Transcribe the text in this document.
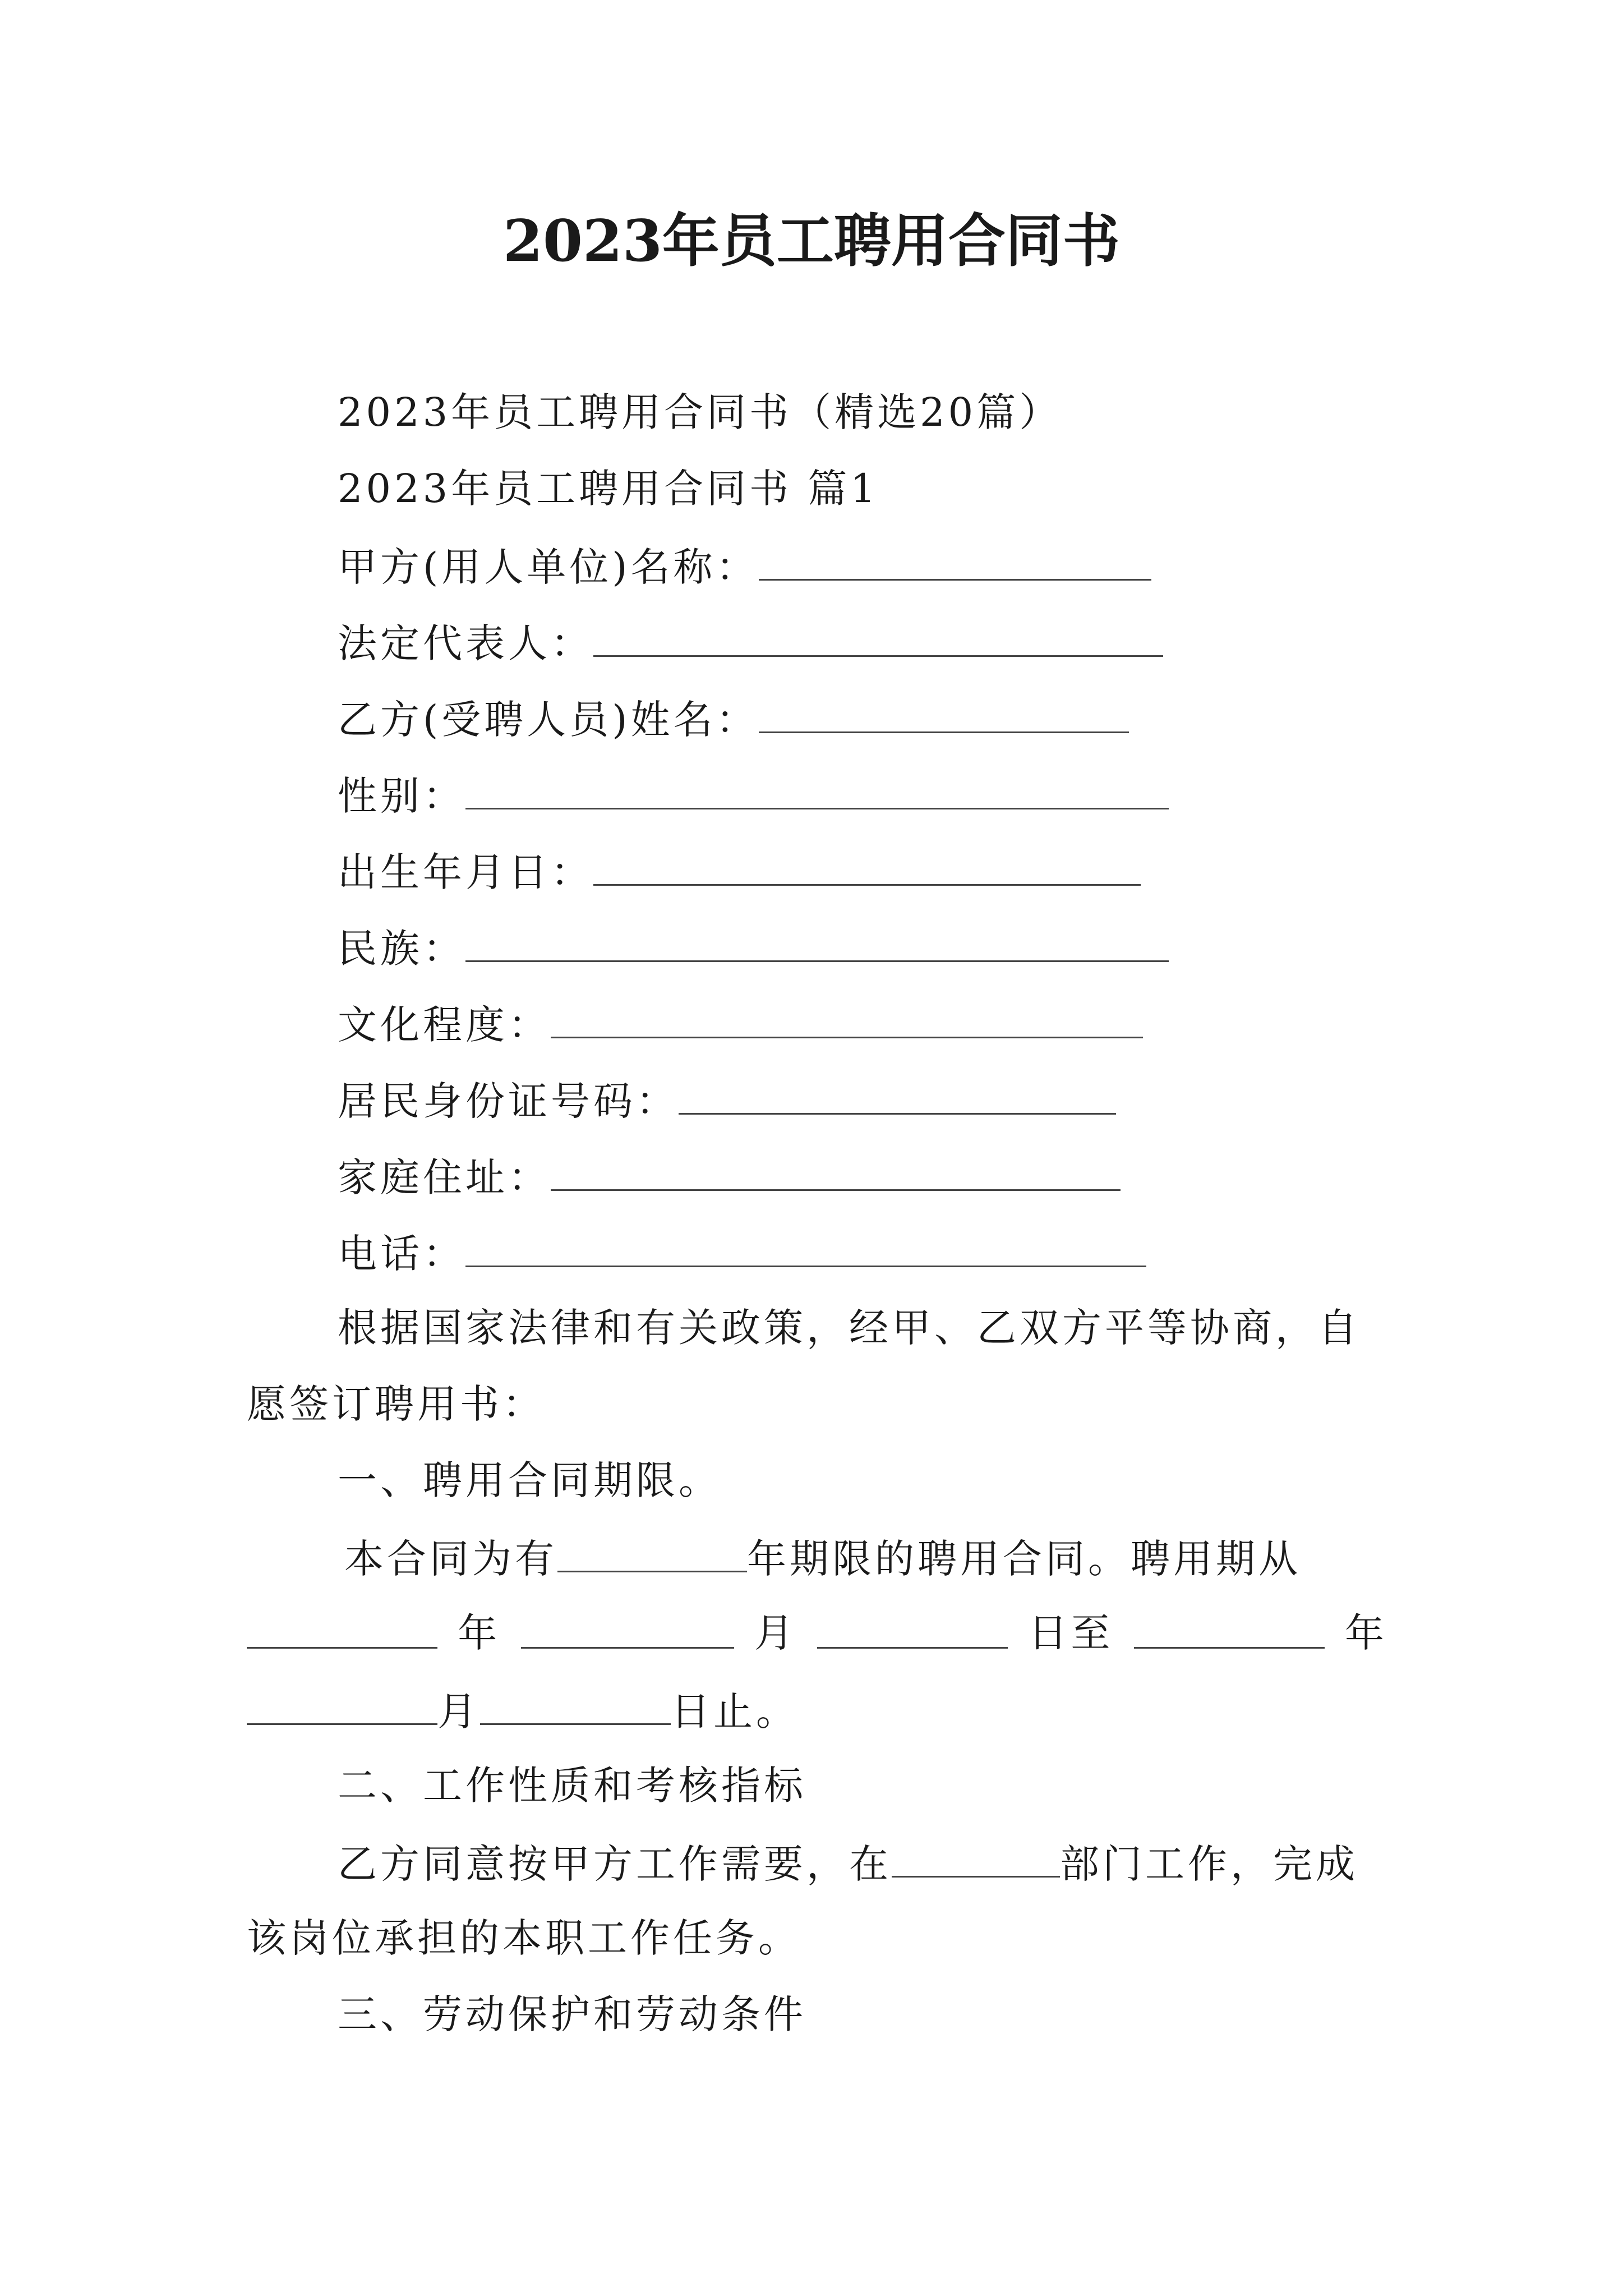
2023年员工聘用合同书
2023年员工聘用合同书（精选20篇）
2023年员工聘用合同书 篇1
甲方(用人单位)名称：
法定代表人：
乙方(受聘人员)姓名：
性别：
出生年月日：
民族：
文化程度：
居民身份证号码：
家庭住址：
电话：
根据国家法律和有关政策，经甲、乙双方平等协商，自
愿签订聘用书：
一、聘用合同期限。
本合同为有	年期限的聘用合同。聘用期从
年	月	日至	年
月	日止。
二、工作性质和考核指标
乙方同意按甲方工作需要，在	部门工作，完成
该岗位承担的本职工作任务。
三、劳动保护和劳动条件
